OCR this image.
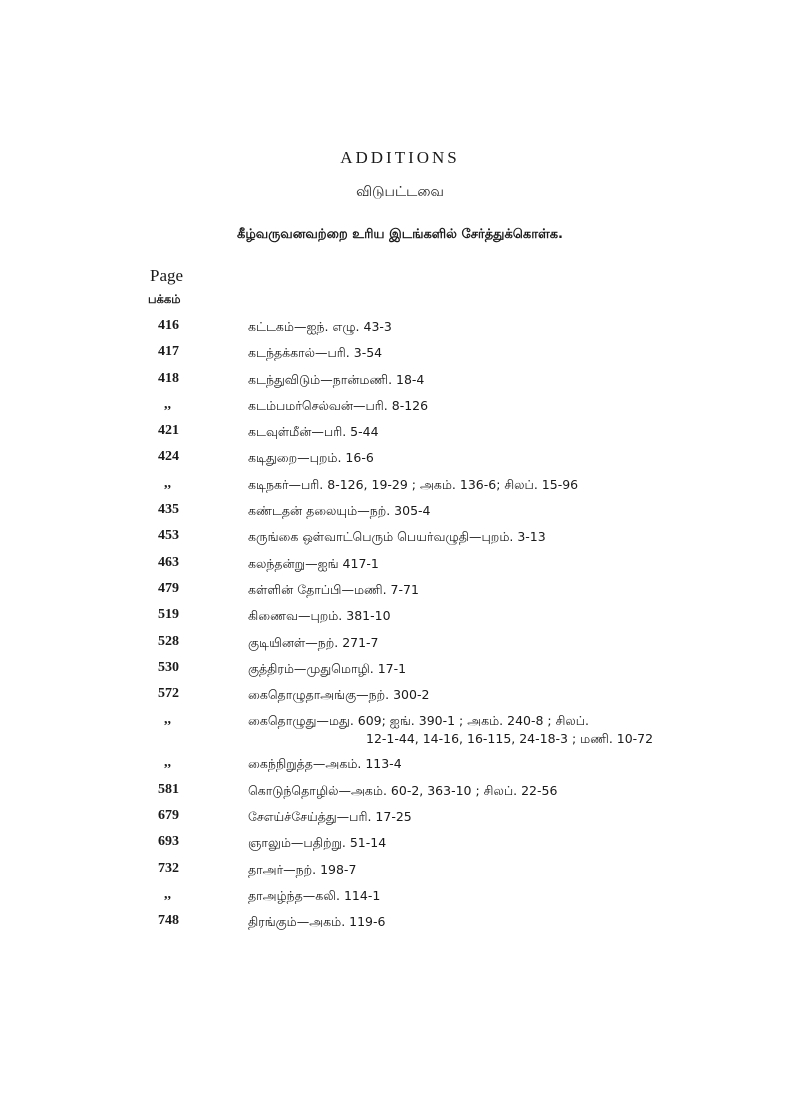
ADDITIONS
விடுபட்டவை
கீழ்வருவனவற்றை உரிய இடங்களில் சேர்த்துக்கொள்க.
Page
பக்கம்
416	கட்டகம்—ஐந். எழு. 43-3
417	கடந்தக்கால்—பரி. 3-54
418	கடந்துவிடும்—நான்மணி. 18-4
,,	கடம்பமர்செல்வன்—பரி. 8-126
421	கடவுள்மீன்—பரி. 5-44
424	கடிதுறை—புறம். 16-6
,,	கடிநகர்—பரி. 8-126, 19-29 ; அகம். 136-6; சிலப். 15-96
435	கண்டதன் தலையும்—நற். 305-4
453	கருங்கை ஒள்வாட்பெரும் பெயர்வழுதி—புறம். 3-13
463	கலந்தன்று—ஐங் 417-1
479	கள்ளின் தோப்பி—மணி. 7-71
519	கிணைவ—புறம். 381-10
528	குடியினள்—நற். 271-7
530	குத்திரம்—முதுமொழி. 17-1
572	கைதொழுதாஅங்கு—நற். 300-2
,,	கைதொழுது—மது. 609; ஐங். 390-1 ; அகம். 240-8 ; சிலப்.
12-1-44, 14-16, 16-115, 24-18-3 ; மணி. 10-72
,,	கைந்நிறுத்த—அகம். 113-4
581	கொடுந்தொழில்—அகம். 60-2, 363-10 ; சிலப். 22-56
679	சேஎய்ச்சேய்த்து—பரி. 17-25
693	ஞாலும்—பதிற்று. 51-14
732	தாஅர்—நற். 198-7
,,	தாஅழ்ந்த—கலி. 114-1
748	திரங்கும்—அகம். 119-6
